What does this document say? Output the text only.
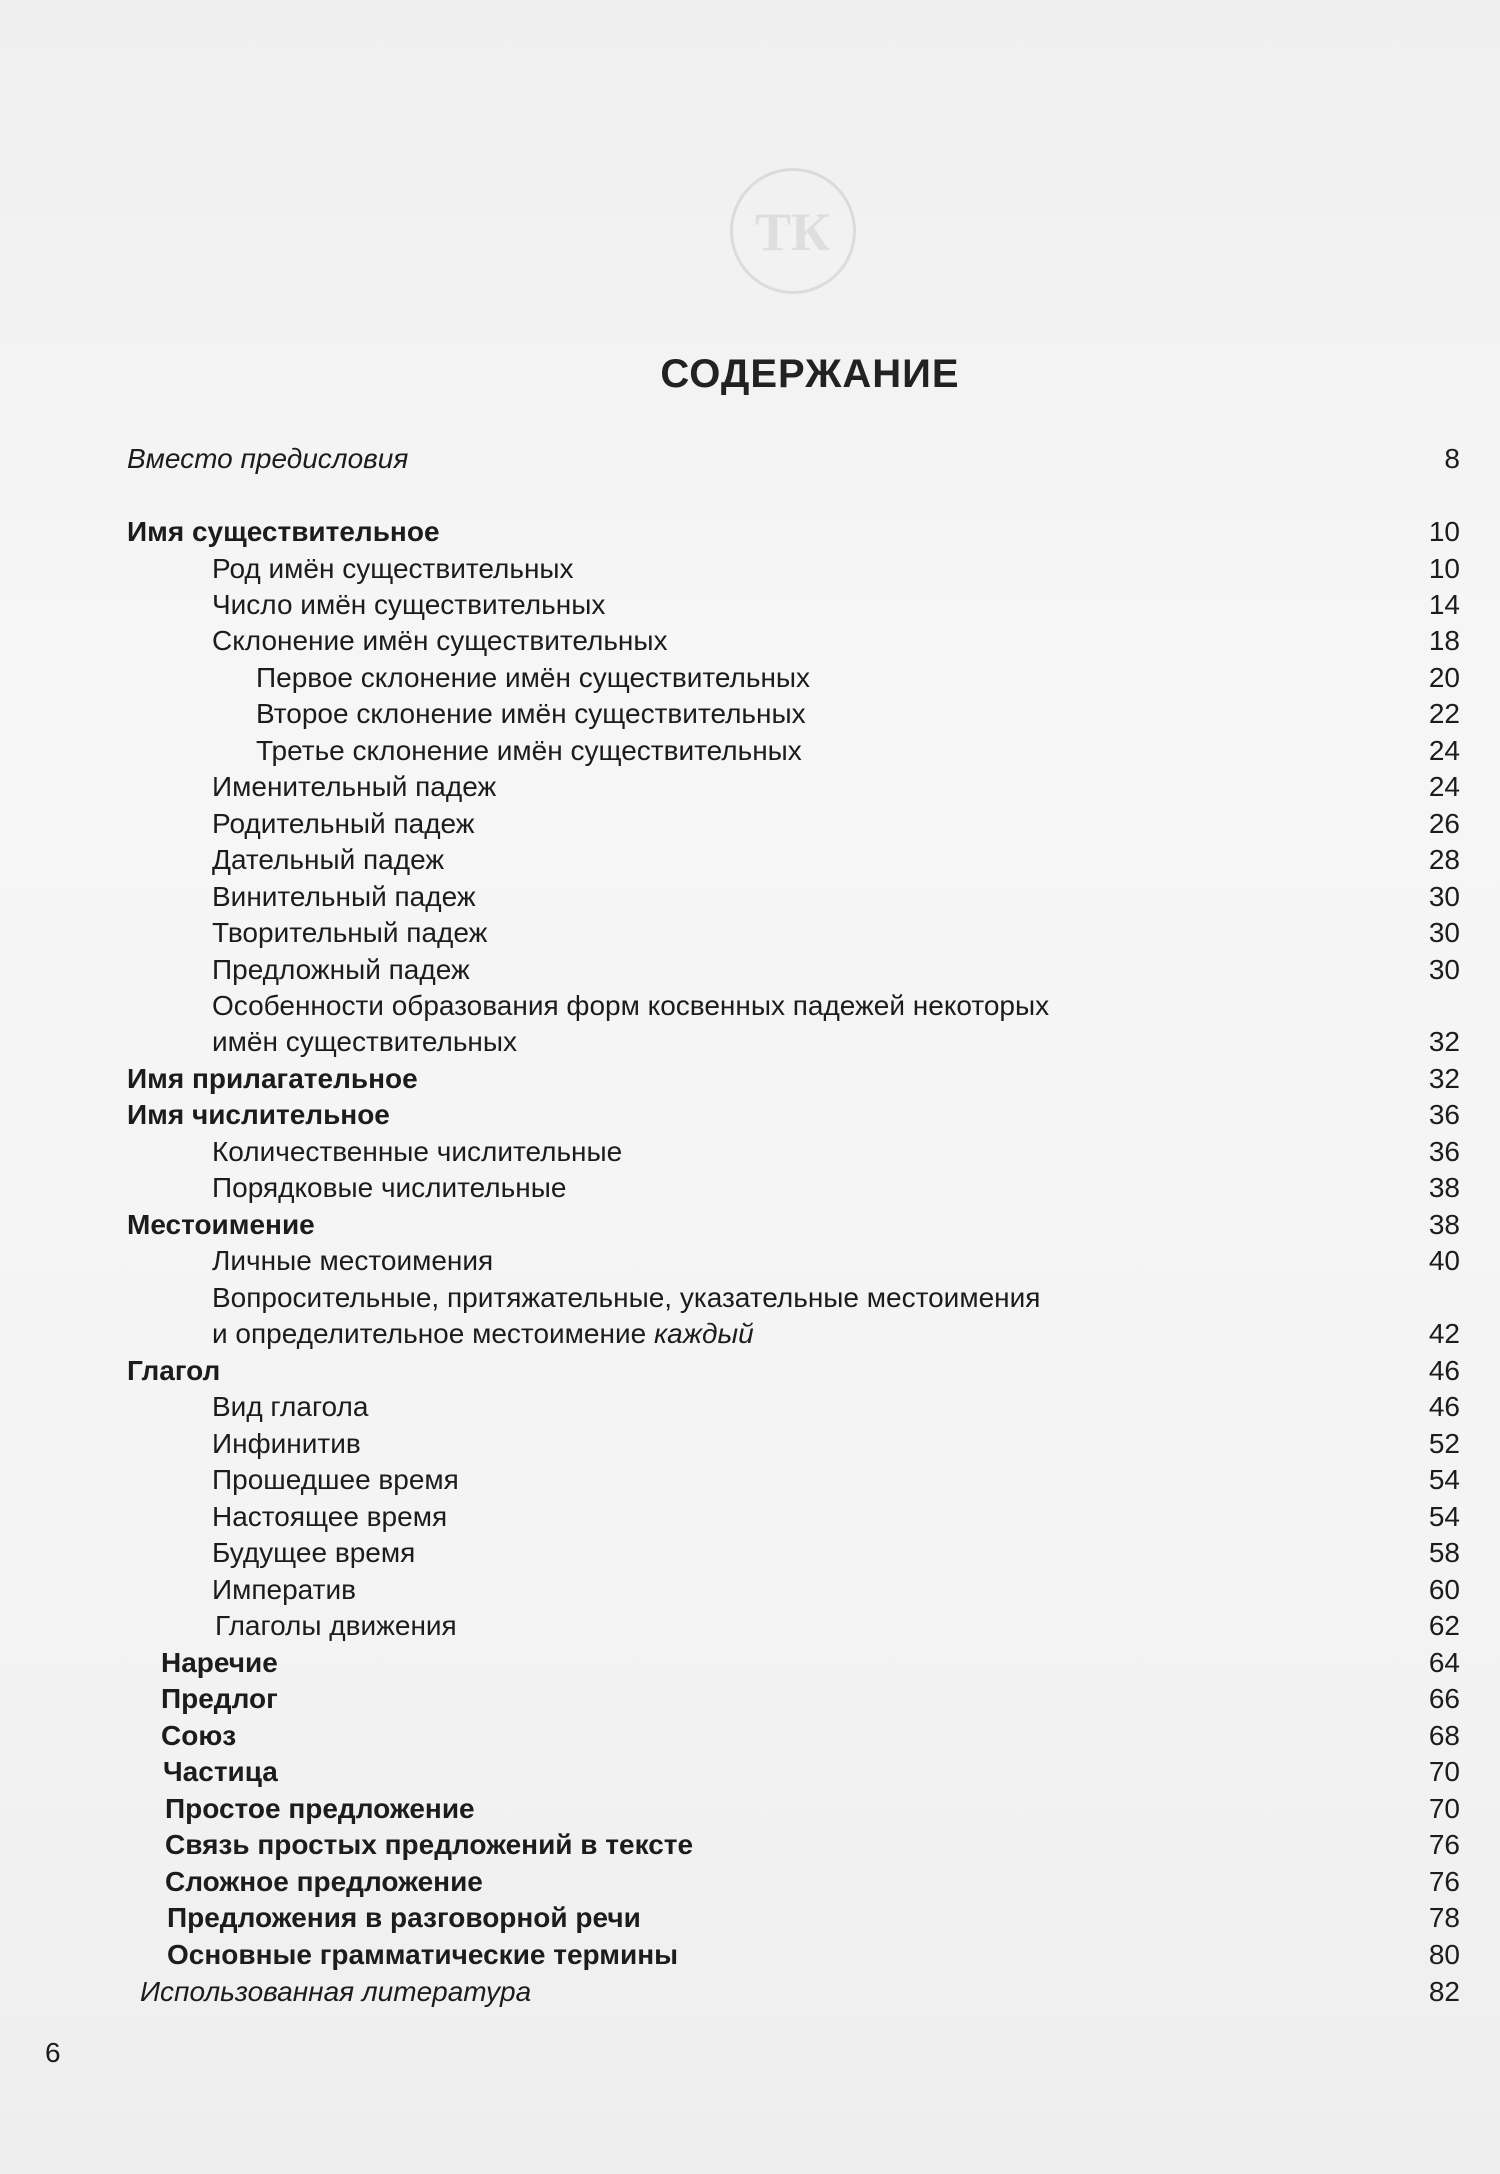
ТК
СОДЕРЖАНИЕ
Вместо предисловия	8
Имя существительное	10
Род имён существительных	10
Число имён существительных	14
Склонение имён существительных	18
Первое склонение имён существительных	20
Второе склонение имён существительных	22
Третье склонение имён существительных	24
Именительный падеж	24
Родительный падеж	26
Дательный падеж	28
Винительный падеж	30
Творительный падеж	30
Предложный падеж	30
Особенности образования форм косвенных падежей некоторых
имён существительных	32
Имя прилагательное	32
Имя числительное	36
Количественные числительные	36
Порядковые числительные	38
Местоимение	38
Личные местоимения	40
Вопросительные, притяжательные, указательные местоимения
и определительное местоимение каждый	42
Глагол	46
Вид глагола	46
Инфинитив	52
Прошедшее время	54
Настоящее время	54
Будущее время	58
Императив	60
Глаголы движения	62
Наречие	64
Предлог	66
Союз	68
Частица	70
Простое предложение	70
Связь простых предложений в тексте	76
Сложное предложение	76
Предложения в разговорной речи	78
Основные грамматические термины	80
Использованная литература	82
6
